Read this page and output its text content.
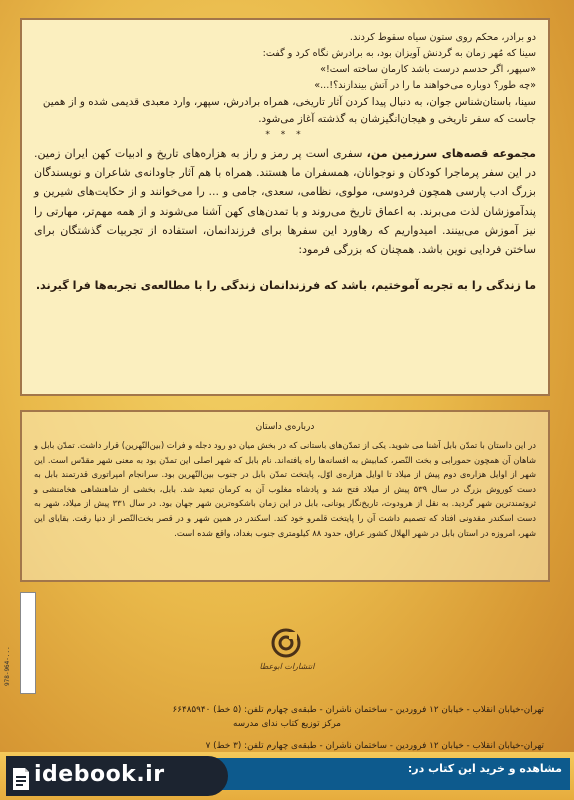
دو برادر، محکم روی ستون سیاه سقوط کردند.

سینا که مُهر زمان به گردنش آویزان بود، به برادرش نگاه کرد و گفت:

«سپهر، اگر حدسم درست باشد کارمان ساخته است!»

«چه طور؟ دوباره می‌خواهند ما را در آتش بیندازند؟!...»

سینا، باستان‌شناس جوان، به دنبال پیدا کردن آثار تاریخی، همراه برادرش، سپهر، وارد معبدی قدیمی شده و از همین جاست که سفر تاریخی و هیجان‌انگیزشان به گذشته آغاز می‌شود.

* * *

مجموعه قصه‌های سرزمین من، سفری است پر رمز و راز به هزاره‌های تاریخ و ادبیات کهن ایران زمین. در این سفر پرماجرا کودکان و نوجوانان، همسفران ما هستند. همراه با هم آثار جاودانه‌ی شاعران و نویسندگان بزرگ ادب پارسی همچون فردوسی، مولوی، نظامی، سعدی، جامی و ... را می‌خوانند و از حکایت‌های شیرین و پندآموزشان لذت می‌برند. به اعماق تاریخ می‌روند و با تمدن‌های کهن آشنا می‌شوند و از همه مهم‌تر، مهارتی را نیز آموزش می‌بینند. امیدواریم که رهاورد این سفرها برای فرزندانمان، استفاده از تجربیات گذشتگان برای ساختن فردایی نوین باشد. همچنان که بزرگی فرمود:

ما زندگی را به تجربه آموختیم، باشد که فرزندانمان زندگی را با مطالعه‌ی تجربه‌ها فرا گیرند.

درباره‌ی داستان

در این داستان با تمدّن بابل آشنا می شوید. یکی از تمدّن‌های باستانی که در بخش میان دو رود دجله و فرات (بین‌النّهرین) قرار داشت. تمدّن بابل و شاهان آن همچون حمورابی و بخت النّصر، کمابیش به افسانه‌ها راه یافته‌اند. نام بابل که شهر اصلی این تمدّن بود به معنی شهر مقدّس است. این شهر از اوایل هزاره‌ی دوم پیش از میلاد تا اوایل هزاره‌ی اوّل، پایتخت تمدّن بابل در جنوب بین‌النّهرین بود. سرانجام امپراتوری قدرتمند بابل به دست کوروش بزرگ در سال ۵۳۹ پیش از میلاد فتح شد و پادشاه مغلوب آن به کرمان تبعید شد. بابل، بخشی از شاهنشاهی هخامنشی و ثروتمندترین شهر گردید. به نقل از هرودوت، تاریخ‌نگار یونانی، بابل در این زمان باشکوه‌ترین شهر جهان بود. در سال ۳۳۱ پیش از میلاد، شهر به دست اسکندر مقدونی افتاد که تصمیم داشت آن را پایتخت قلمرو خود کند. اسکندر در همین شهر و در قصر بخت‌النّصر از دنیا رفت. بقایای این شهر، امروزه در استان بابل در شهر الهلال کشور عراق، حدود ۸۸ کیلومتری جنوب بغداد، واقع شده است.

978-964-...	انتشارات ابوعطا
تهران-خیابان انقلاب - خیابان ۱۲ فروردین - ساختمان ناشران - طبقه‌ی چهارم تلفن: (۵ خط) ۶۶۴۸۵۹۴۰
مرکز توزیع کتاب ندای مدرسه
تهران-خیابان انقلاب - خیابان ۱۲ فروردین - ساختمان ناشران - طبقه‌ی چهارم تلفن: (۳ خط) ۷
مشاهده و خرید این کتاب در:
idebook.ir
